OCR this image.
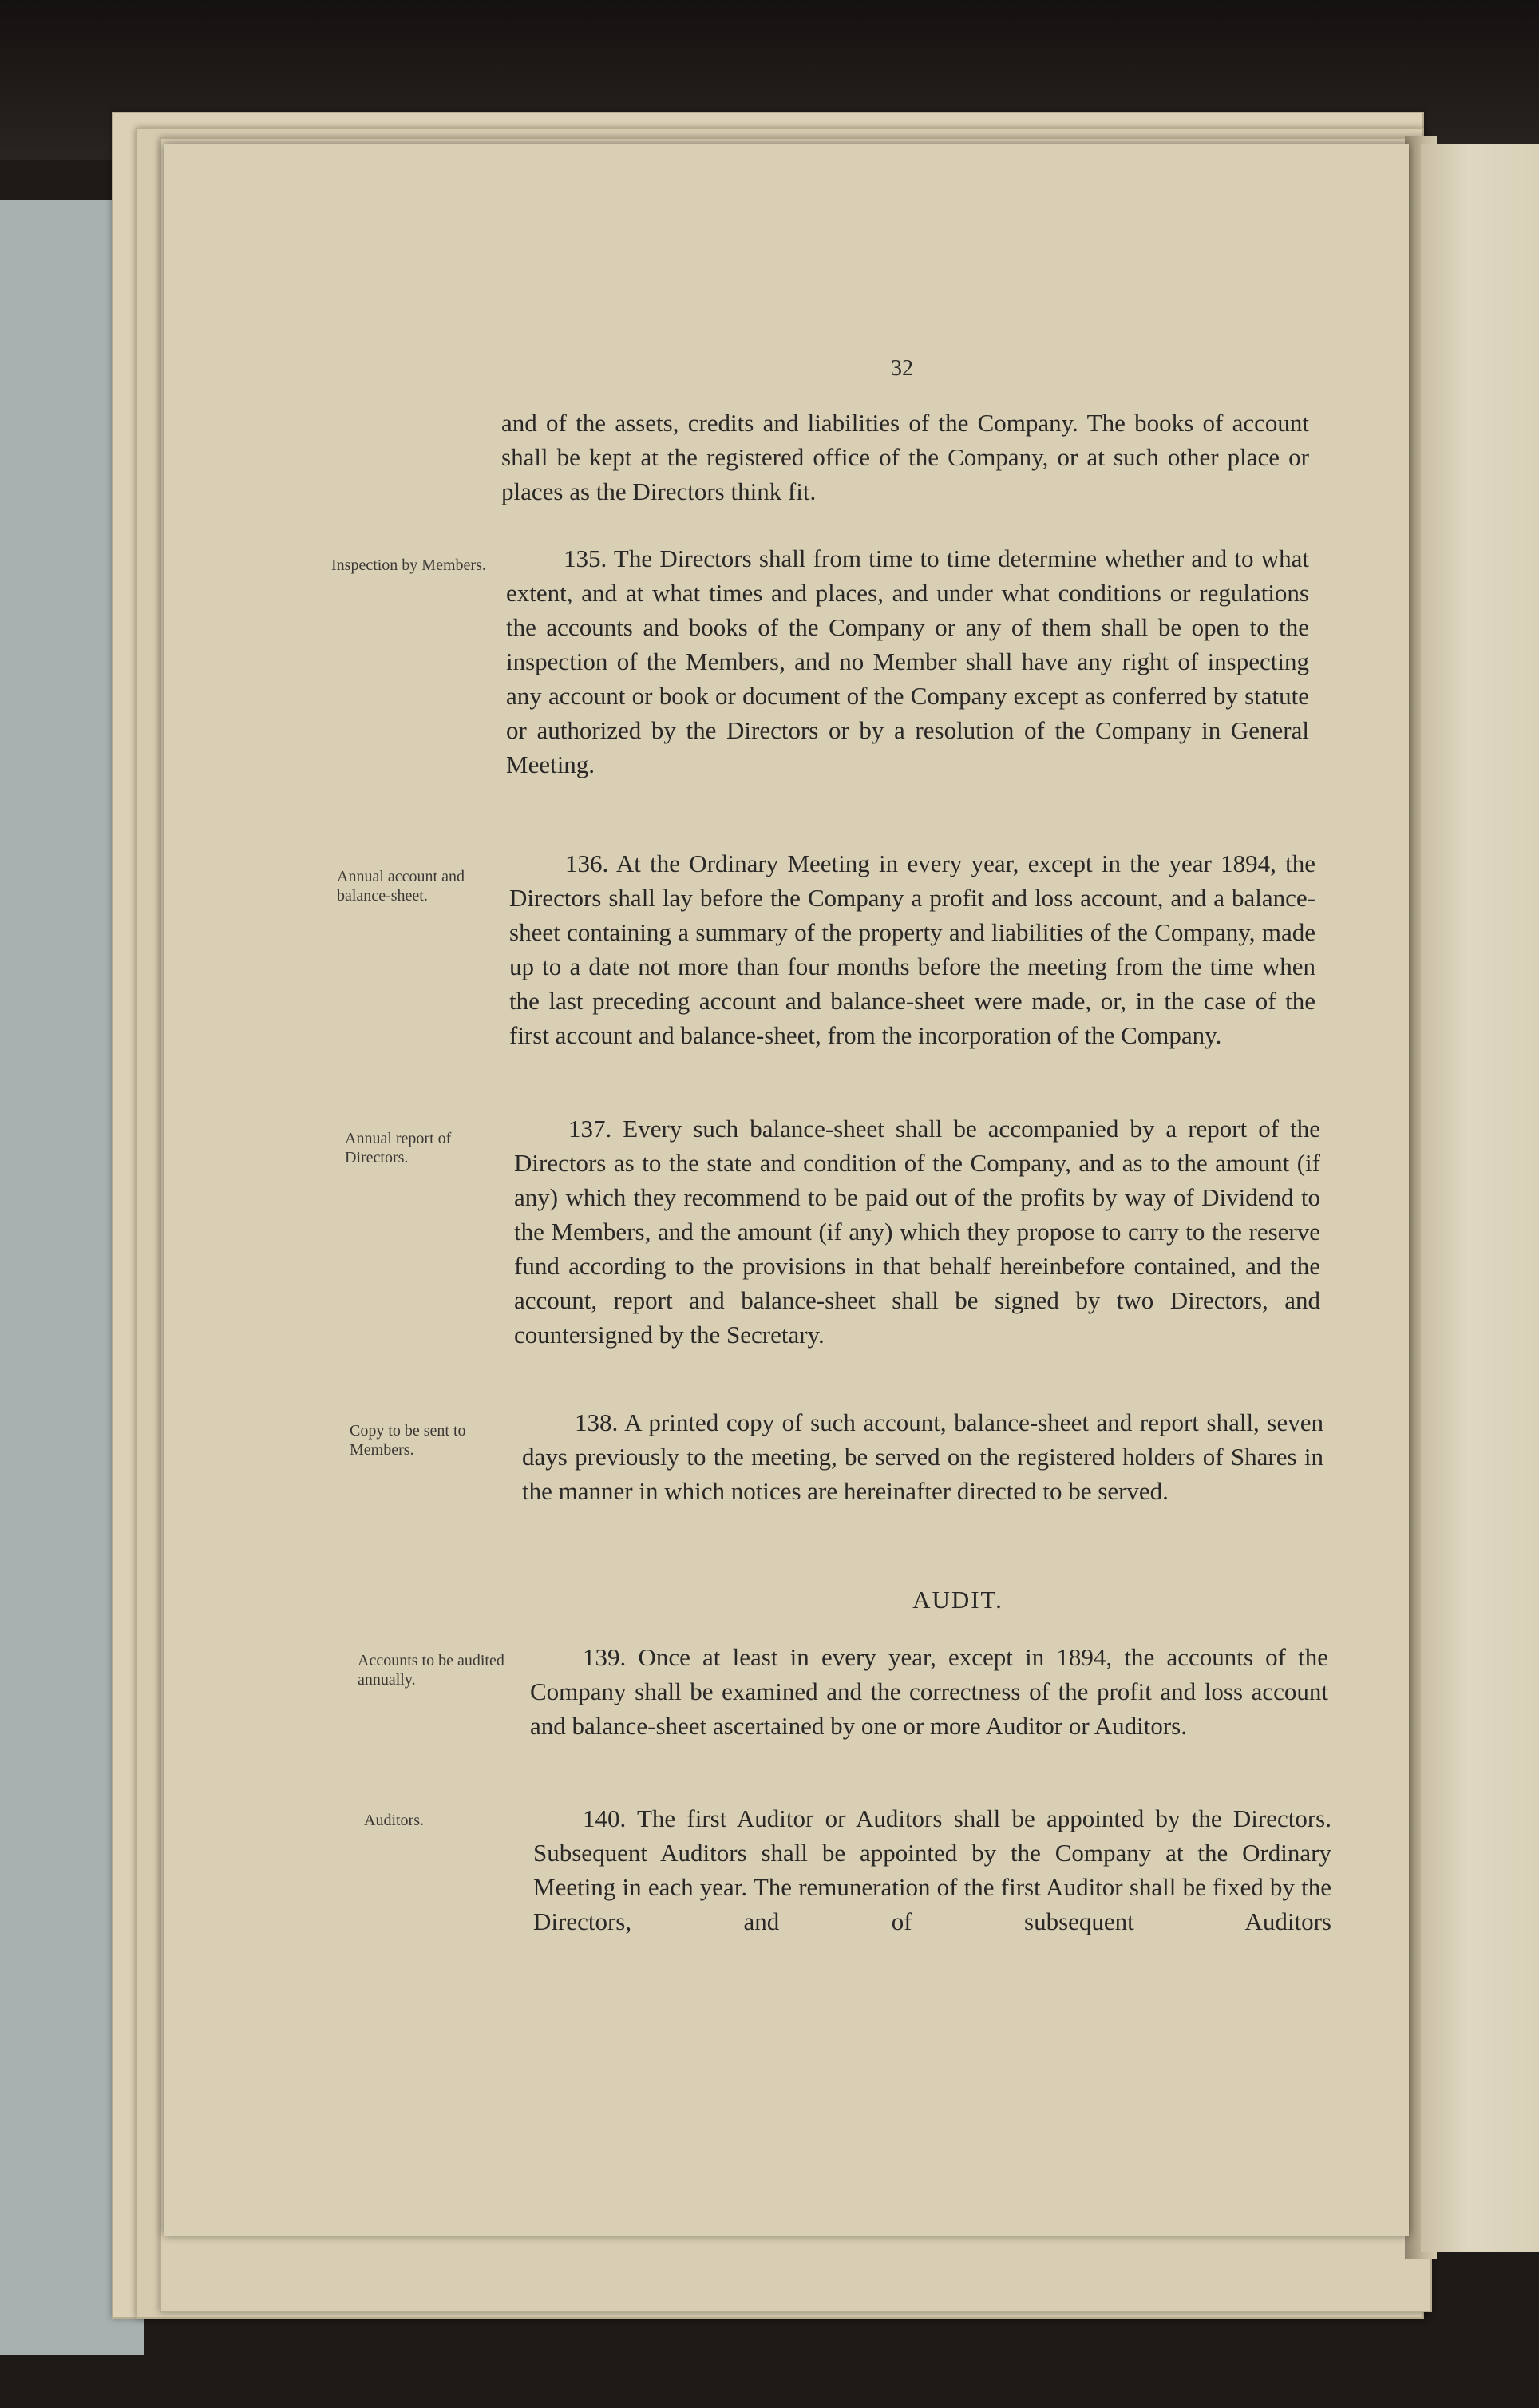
32
and of the assets, credits and liabilities of the Company. The books of account shall be kept at the registered office of the Company, or at such other place or places as the Directors think fit.
Inspection by Members.	135. The Directors shall from time to time determine whether and to what extent, and at what times and places, and under what conditions or regulations the accounts and books of the Company or any of them shall be open to the inspection of the Members, and no Member shall have any right of inspecting any account or book or document of the Company except as conferred by statute or authorized by the Directors or by a resolution of the Company in General Meeting.
Annual account and balance-sheet.
136. At the Ordinary Meeting in every year, except in the year 1894, the Directors shall lay before the Company a profit and loss account, and a balance-sheet containing a summary of the property and liabilities of the Company, made up to a date not more than four months before the meeting from the time when the last preceding account and balance-sheet were made, or, in the case of the first account and balance-sheet, from the incorporation of the Company.
Annual report of Directors.
137. Every such balance-sheet shall be accompanied by a report of the Directors as to the state and condition of the Company, and as to the amount (if any) which they recommend to be paid out of the profits by way of Dividend to the Members, and the amount (if any) which they propose to carry to the reserve fund according to the provisions in that behalf hereinbefore contained, and the account, report and balance-sheet shall be signed by two Directors, and countersigned by the Secretary.
Copy to be sent to Members.
138. A printed copy of such account, balance-sheet and report shall, seven days previously to the meeting, be served on the registered holders of Shares in the manner in which notices are hereinafter directed to be served.
AUDIT.
Accounts to be audited annually.
139. Once at least in every year, except in 1894, the accounts of the Company shall be examined and the correctness of the profit and loss account and balance-sheet ascertained by one or more Auditor or Auditors.
Auditors.	140. The first Auditor or Auditors shall be appointed by the Directors. Subsequent Auditors shall be appointed by the Company at the Ordinary Meeting in each year. The remuneration of the first Auditor shall be fixed by the Directors, and of subsequent Auditors
